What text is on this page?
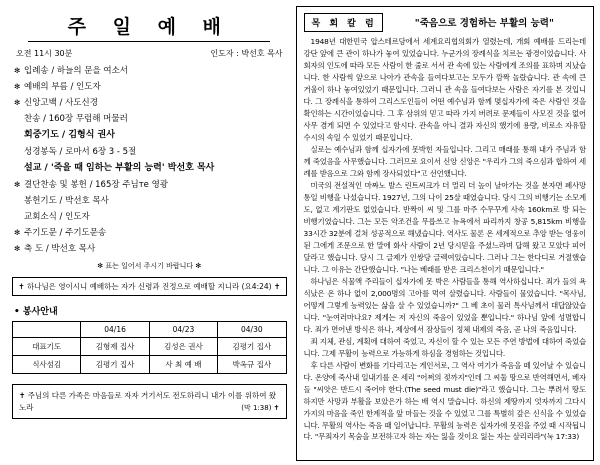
주 일 예 배
오전 11시 30분	인도자 : 박선호 목사
✻ 입례송 / 하늘의 문을 여소서
✻ 예배의 부름 / 인도자
✻ 신앙고백 / 사도신경
찬송 / 160장 무럼해 머물러
회중기도 / 김형식 권사
성경봉독 / 로마서 6장 3 - 5절
설교 / '죽을 때 임하는 부활의 능력' 박선호 목사
✻ 결단찬송 및 봉헌 / 165장 주님те 영광
봉헌기도 / 박선호 목사
교회소식 / 인도자
✻ 주기도문 / 주기도문송
✻ 축 도 / 박선호 목사
✻ 표는 일어서 주시기 바랍니다 ✻
✝ 하나님은 영이시니 예배하는 자가 신령과 진정으로 예배할 지니라 (요4:24) ✝
• 봉사안내
	04/16	04/23	04/30
대표기도	김형제 집사	김성은 권사	김평기 집사
식사섬김	김평기 집사	사 최 예 배	박옥규 집사
✝ 주님의 다른 가족은 마음들로 자자 거기서도 전도하리니 내가 이를 위하여 왔노라	(막 1:38) ✝
목 회 칼 럼	"죽음으로 경험하는 부활의 능력"

1948년 대한민국 압스테르담에서 세계요리협의회가 열렸는데, 개회 예배를 드리는데 강단 앞에 큰 관이 하나가 놓여 있었습니다. 누군가의 장례식을 치르는 광경이었습니다. 사회자의 인도에 따라 모든 사람이 한 줄로 서서 관 속에 있는 사람에게 조의를 표하며 지났습니다. 한 사람씩 앞으로 나아가 관속을 들여다보고는 모두가 깜짝 놀랐습니다. 관 속에 큰 거울이 하나 놓여있었기 때문입니다. 그러니 관 속을 들여다보는 사람은 자기를 본 것입니다. 그 장례식을 통하여 그리스도인들이 어떤 예수님과 함께 몇십자가에 죽은 사람인 것을 확인하는 시간이었습니다. 그 후 삼위의 믿고 따라 가지 버려로 문제들이 사모진 것을 없어 사무 겸게 되면 수 있었다고 함시다. 관속을 아니 결과 자신의 했기에 용량, 비로소 자유할 수시의 속일 수 있었기 때문입니다.

실로는 예수님과 함께 십자가에 못박힌 자들입니다. 그리고 매래를 통해 내가 주님과 함께 죽었음을 사무했습니다. 그러므로 요이서 신앙 신앙은 "우리가 그의 죽으심과 합하여 세례를 받음으로 그와 함께 장사되었다"고 선언했니다.

미국의 전설적인 마짜노 발스 린트씨크가 더 멀리 더 높이 날아가는 것을 분자면 폐사망 통일 비행을 나섰습니다. 1927년, 그의 나이 25살 때였습니다. 당시 그의 비행기는 소모계도, 없고 계기판도 없었습니다. 반짝이 씨 및 그를 마주 수무꾸게 사속 160km로 방 되는 비행기였습니다. 그는 모든 악조건을 무릅쓰고 뉴욕에서 파리까지 창공 5,815km 비행을 33시간 32분에 걸쳐 성공적으로 해냈습니다. 역사도 물론 온 세계적으로 추앙 받는 영웅이 된 그에게 조문으로 한 말에 화사 사람이 2년 당시믿을 주셨느라며 답해 왔고 모았다 피어달라고 했습니다. 당시 그 글제가 인쌍당 글렉여있습니다. 그러나 그는 한다디로 거절했습니다. 그 이유는 간단했습니다. "나는 베래를 받은 크리스천이기 때문입니다."

하나님은 식물액 주리들이 십자가에 못 박은 사람들을 통해 역사하십니다. 죄가 들의 욕식났은 온 하나 없이 2,000명의 고아를 먹여 살렸습니다. 사람들이 물었습니다. "목사님, 어떻게 그렇게 능력있는 삶을 살 수 있었습니까?" 그 베 초이 물러 톡사님께서 대답않았습니다. "눈여러마나요? 제게는 저 자신의 죽음이 있었을 뿐입니다." 하나님 앞에 성멸합니다. 죄가 면어낸 방식은 하나, 제상에서 잠상들이 정체 내제의 죽음, 곧 나의 죽음입니다.

죄 지체, 관심, 계획에 대하여 죽었고, 자신이 할 수 있는 모든 주연 방법에 대하여 죽었습니다. 그제 무활이 능력으로 가능하게 하심을 경험하는 것입니다.

후 다른 사람이 변화를 기다리고는 게인서로, 그 역사 여기가 죽음을 떼 있어날 수 있습니다. 온양에 죽사내 일내기를 온 세리 "어쩌의 젖까지"인데 그 씨둘 땅으로 반역해면서, 베자들 "씨앗은 반드시 죽어야 한다.(The seed must die)"라고 했습니다. 그는 뿌려서 땅도 하지만 사망과 부활을 보았은가 하는 배 역시 말습니다. 하신의 제땅까지 엇자까지 그다시 가지의 마음을 죽인 한계적을 앞 마들는 것을 수 있었고 그를 특별히 갚은 신식을 수 있었습니다. 무활의 역사는 죽음 때 일어납니다. 무활의 능력은 십자가에 못진을 주었 때 시작됩니다. "무죄자기 목숨을 보전하고자 하는 자는 잃을 것이요 잃는 자는 살리리라"(눅 17:33)
